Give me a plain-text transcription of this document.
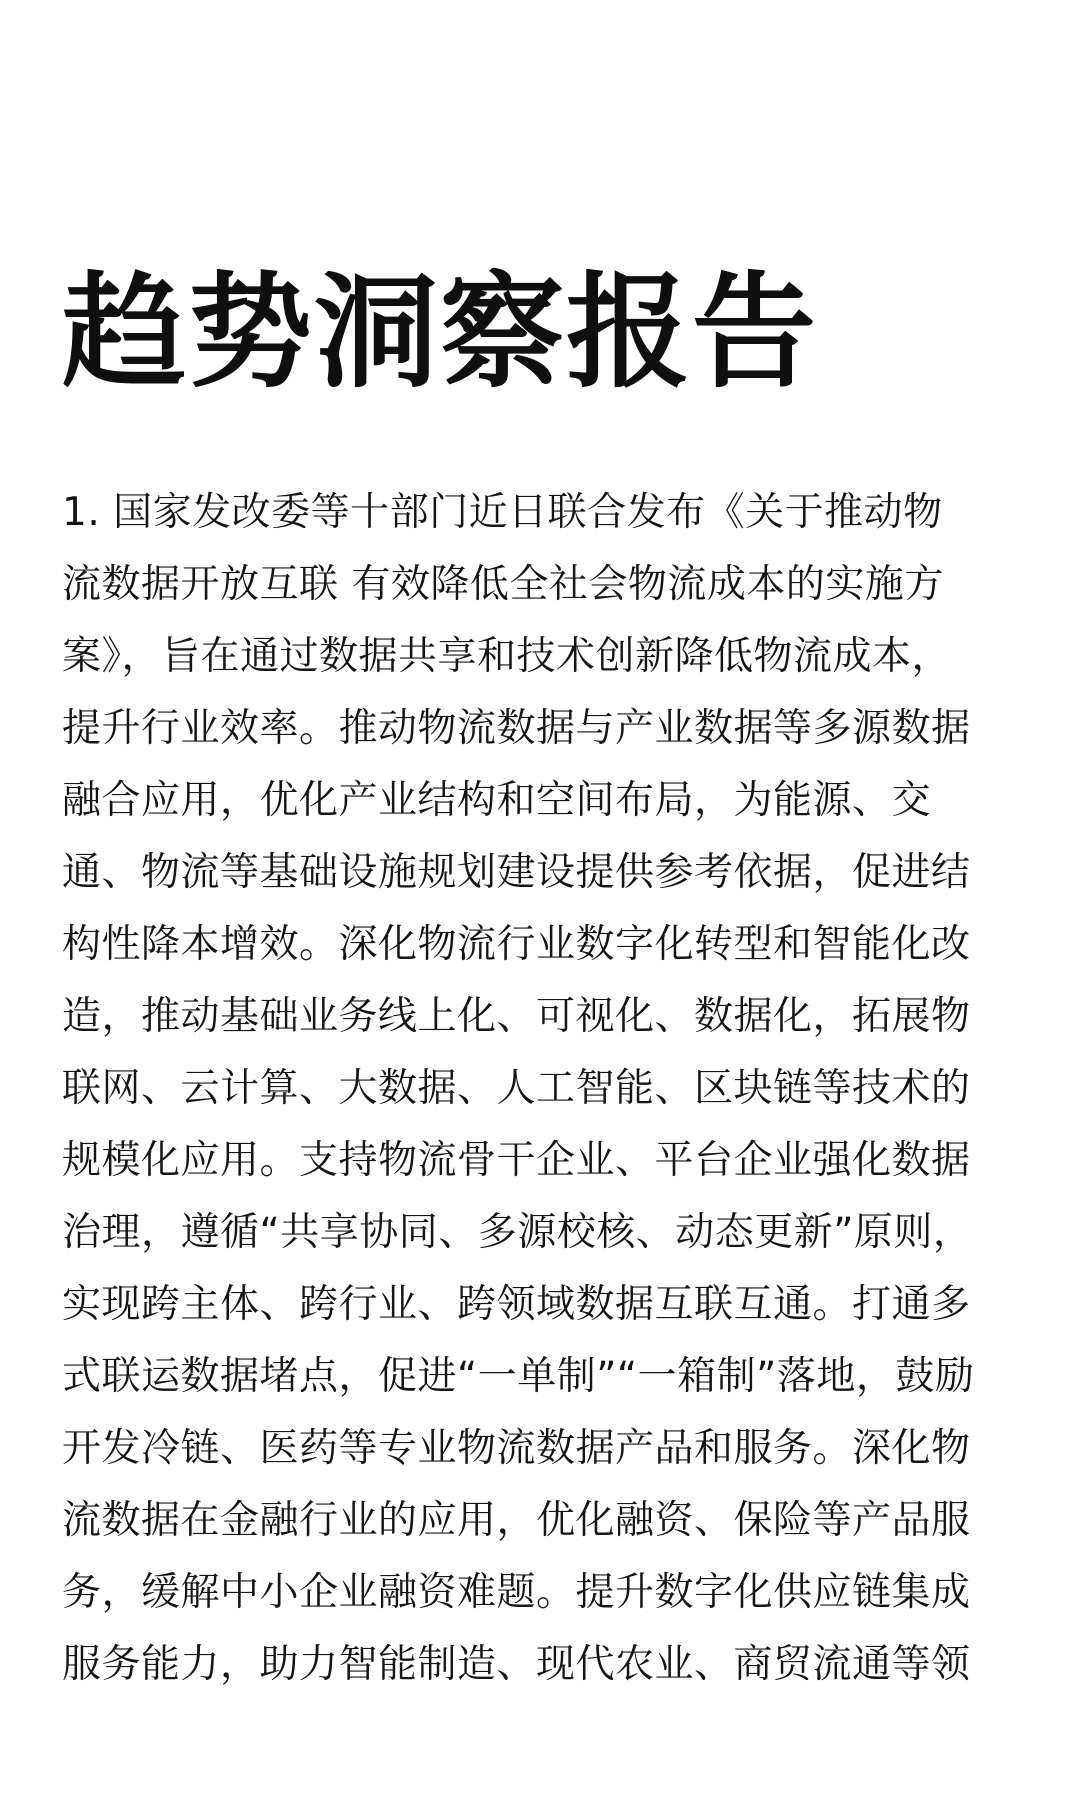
趋势洞察报告
1. 国家发改委等十部门近日联合发布《关于推动物
流数据开放互联 有效降低全社会物流成本的实施方
案》，旨在通过数据共享和技术创新降低物流成本，
提升行业效率。推动物流数据与产业数据等多源数据
融合应用，优化产业结构和空间布局，为能源、交
通、物流等基础设施规划建设提供参考依据，促进结
构性降本增效。深化物流行业数字化转型和智能化改
造，推动基础业务线上化、可视化、数据化，拓展物
联网、云计算、大数据、人工智能、区块链等技术的
规模化应用。支持物流骨干企业、平台企业强化数据
治理，遵循“共享协同、多源校核、动态更新”原则，
实现跨主体、跨行业、跨领域数据互联互通。打通多
式联运数据堵点，促进“一单制”“一箱制”落地，鼓励
开发冷链、医药等专业物流数据产品和服务。深化物
流数据在金融行业的应用，优化融资、保险等产品服
务，缓解中小企业融资难题。提升数字化供应链集成
服务能力，助力智能制造、现代农业、商贸流通等领
